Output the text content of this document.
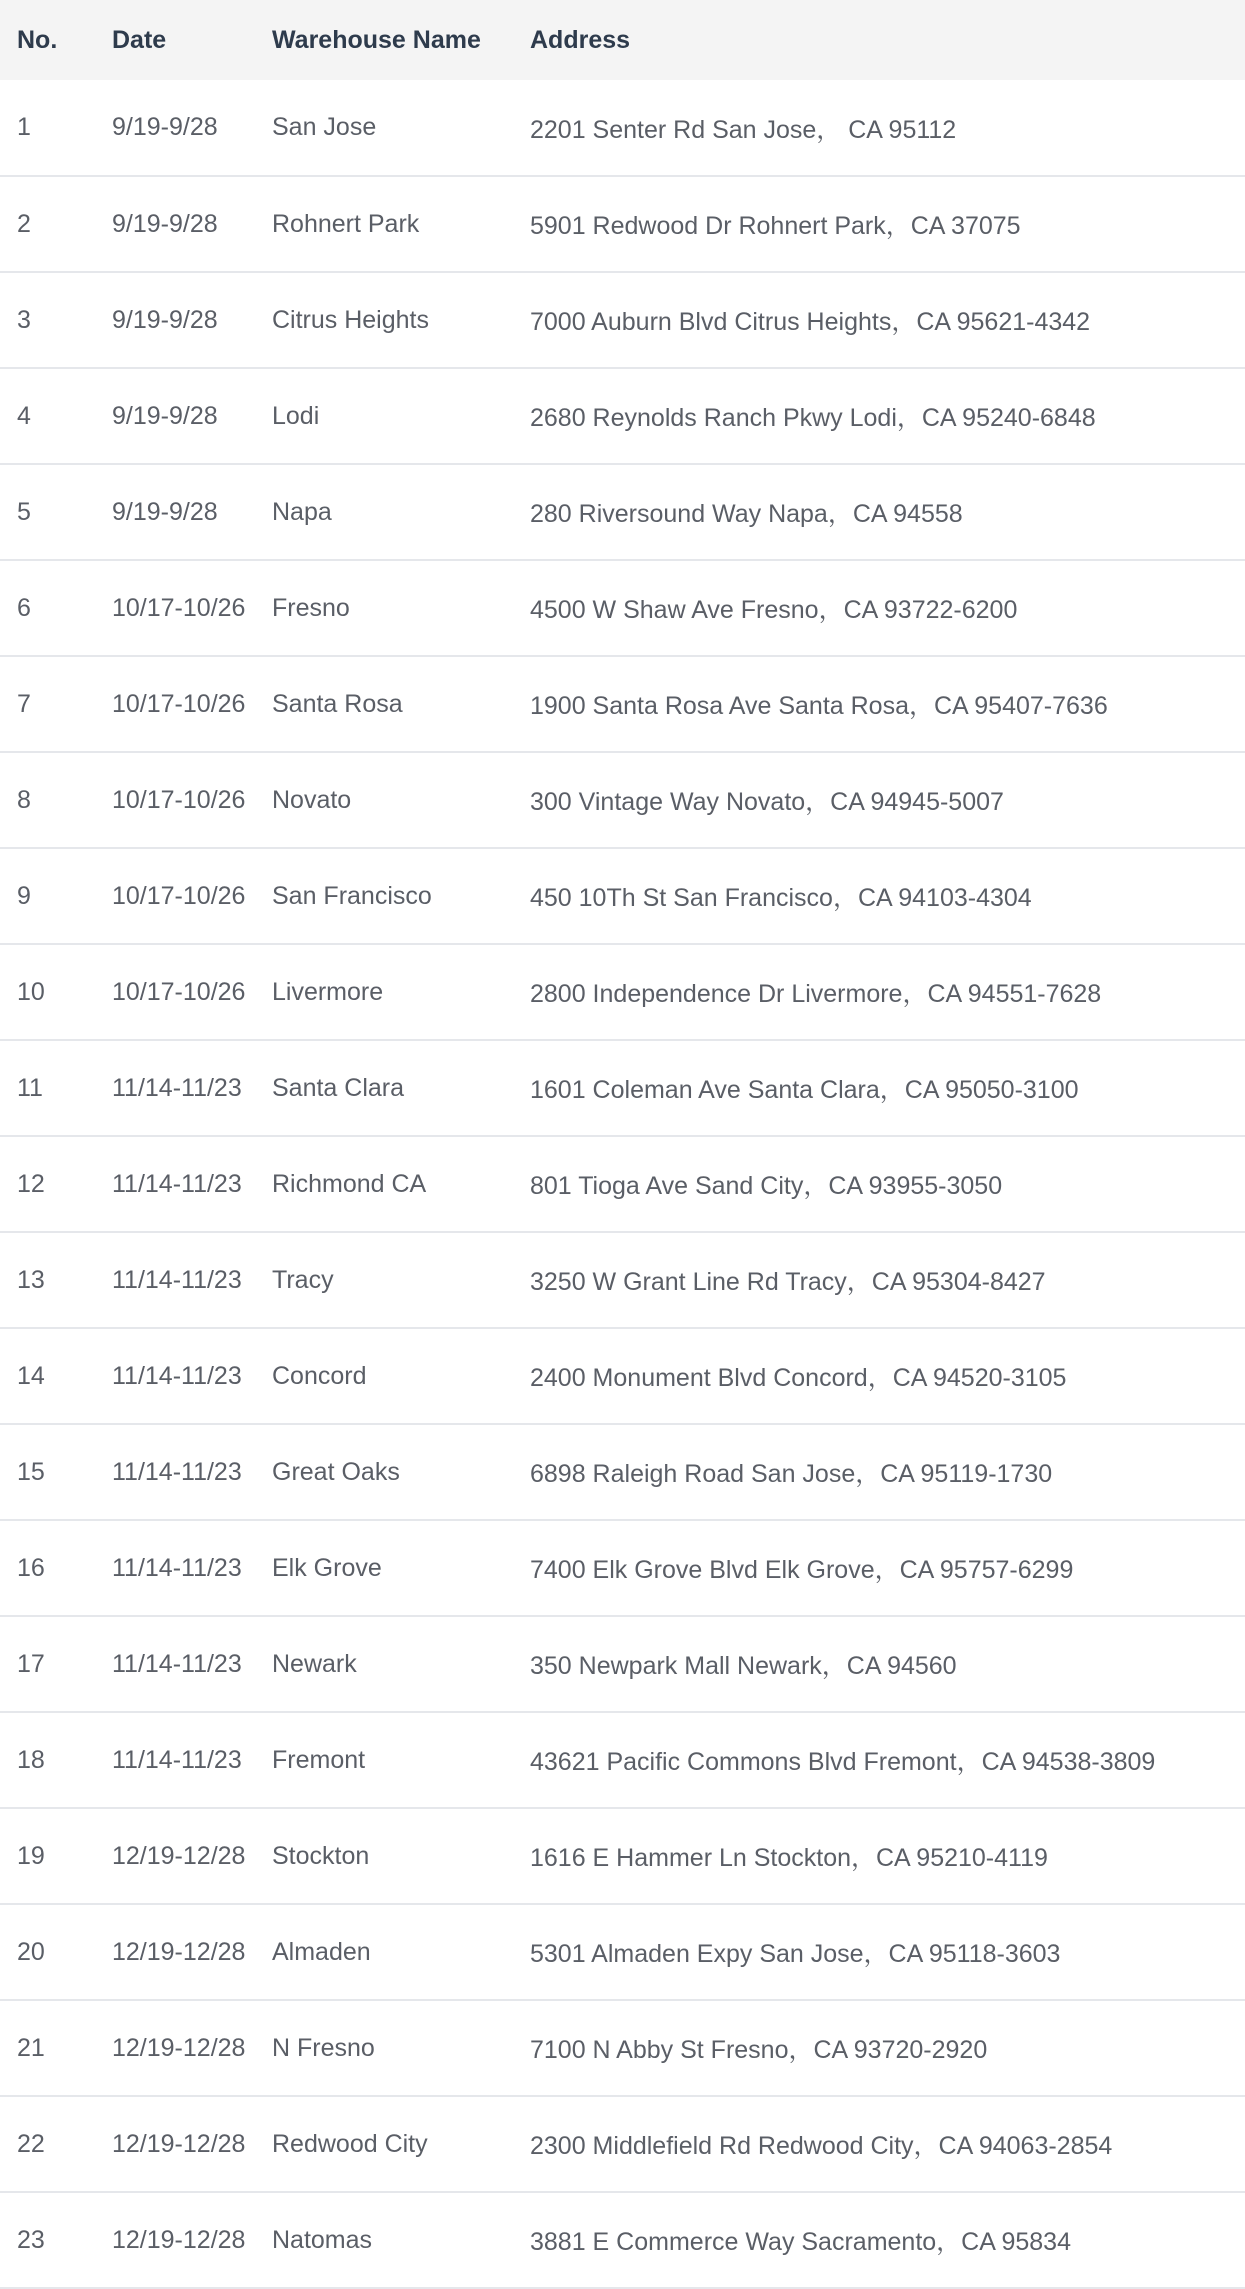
No.	Date	Warehouse Name	Address
1	9/19-9/28	San Jose	2201 Senter Rd San Jose， CA 95112
2	9/19-9/28	Rohnert Park	5901 Redwood Dr Rohnert Park，CA 37075
3	9/19-9/28	Citrus Heights	7000 Auburn Blvd Citrus Heights，CA 95621-4342
4	9/19-9/28	Lodi	2680 Reynolds Ranch Pkwy Lodi，CA 95240-6848
5	9/19-9/28	Napa	280 Riversound Way Napa，CA 94558
6	10/17-10/26	Fresno	4500 W Shaw Ave Fresno，CA 93722-6200
7	10/17-10/26	Santa Rosa	1900 Santa Rosa Ave Santa Rosa，CA 95407-7636
8	10/17-10/26	Novato	300 Vintage Way Novato，CA 94945-5007
9	10/17-10/26	San Francisco	450 10Th St San Francisco，CA 94103-4304
10	10/17-10/26	Livermore	2800 Independence Dr Livermore，CA 94551-7628
11	11/14-11/23	Santa Clara	1601 Coleman Ave Santa Clara，CA 95050-3100
12	11/14-11/23	Richmond CA	801 Tioga Ave Sand City，CA 93955-3050
13	11/14-11/23	Tracy	3250 W Grant Line Rd Tracy，CA 95304-8427
14	11/14-11/23	Concord	2400 Monument Blvd Concord，CA 94520-3105
15	11/14-11/23	Great Oaks	6898 Raleigh Road San Jose，CA 95119-1730
16	11/14-11/23	Elk Grove	7400 Elk Grove Blvd Elk Grove，CA 95757-6299
17	11/14-11/23	Newark	350 Newpark Mall Newark，CA 94560
18	11/14-11/23	Fremont	43621 Pacific Commons Blvd Fremont，CA 94538-3809
19	12/19-12/28	Stockton	1616 E Hammer Ln Stockton，CA 95210-4119
20	12/19-12/28	Almaden	5301 Almaden Expy San Jose，CA 95118-3603
21	12/19-12/28	N Fresno	7100 N Abby St Fresno，CA 93720-2920
22	12/19-12/28	Redwood City	2300 Middlefield Rd Redwood City，CA 94063-2854
23	12/19-12/28	Natomas	3881 E Commerce Way Sacramento，CA 95834
